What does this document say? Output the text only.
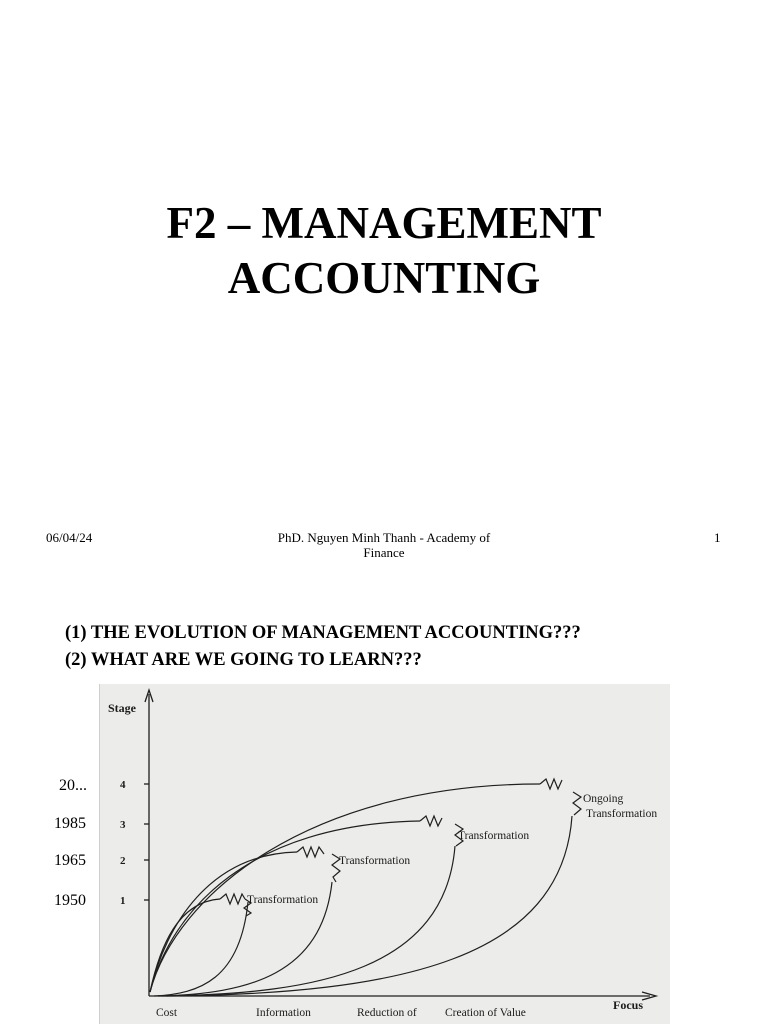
F2 – MANAGEMENT
ACCOUNTING
06/04/24	PhD. Nguyen Minh Thanh - Academy of
Finance
1
(1) THE EVOLUTION OF MANAGEMENT ACCOUNTING???
(2) WHAT ARE WE GOING TO LEARN???
20...
1985
1965
1950
Stage
Focus
4
3
2
1	Transformation
Transformation
Transformation
Ongoing
Transformation
Cost	Information	Reduction of Creation of Value
